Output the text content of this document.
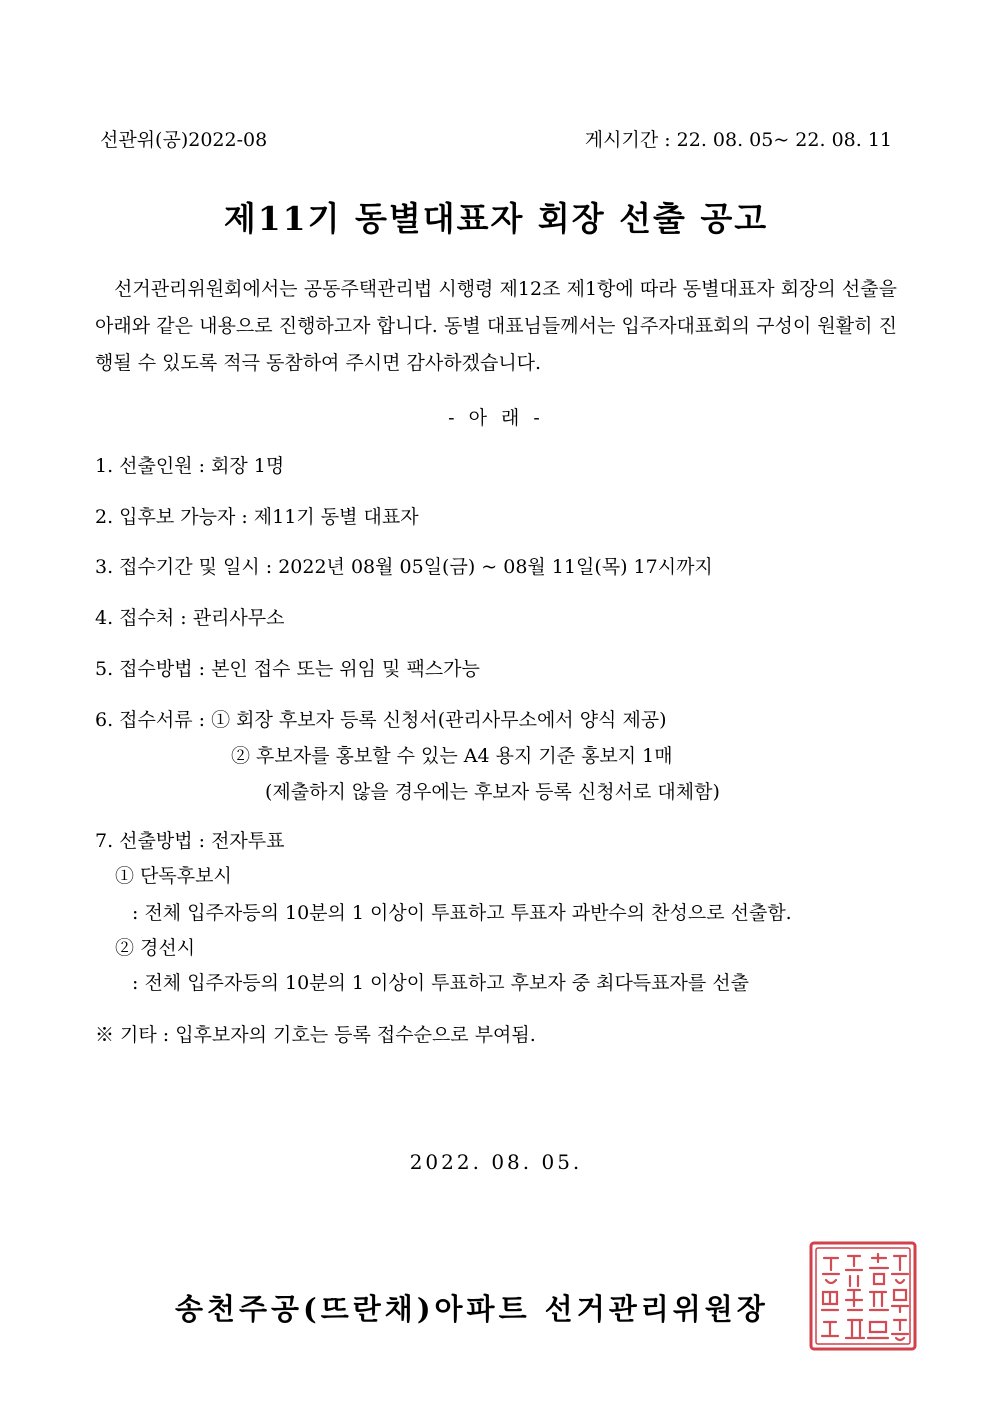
선관위(공)2022-08	게시기간 : 22. 08. 05~ 22. 08. 11
제11기 동별대표자 회장 선출 공고

선거관리위원회에서는 공동주택관리법 시행령 제12조 제1항에 따라 동별대표자 회장의 선출을 아래와 같은 내용으로 진행하고자 합니다. 동별 대표님들께서는 입주자대표회의 구성이 원활히 진행될 수 있도록 적극 동참하여 주시면 감사하겠습니다.

- 아 래 -
1. 선출인원 : 회장 1명
2. 입후보 가능자 : 제11기 동별 대표자
3. 접수기간 및 일시 : 2022년 08월 05일(금) ~ 08월 11일(목) 17시까지
4. 접수처 : 관리사무소
5. 접수방법 : 본인 접수 또는 위임 및 팩스가능
6. 접수서류 : ① 회장 후보자 등록 신청서(관리사무소에서 양식 제공)
② 후보자를 홍보할 수 있는 A4 용지 기준 홍보지 1매
(제출하지 않을 경우에는 후보자 등록 신청서로 대체함)
7. 선출방법 : 전자투표
① 단독후보시
: 전체 입주자등의 10분의 1 이상이 투표하고 투표자 과반수의 찬성으로 선출함.
② 경선시
: 전체 입주자등의 10분의 1 이상이 투표하고 후보자 중 최다득표자를 선출
※ 기타 : 입후보자의 기호는 등록 접수순으로 부여됨.
2022. 08. 05.
송천주공(뜨란채)아파트 선거관리위원장
